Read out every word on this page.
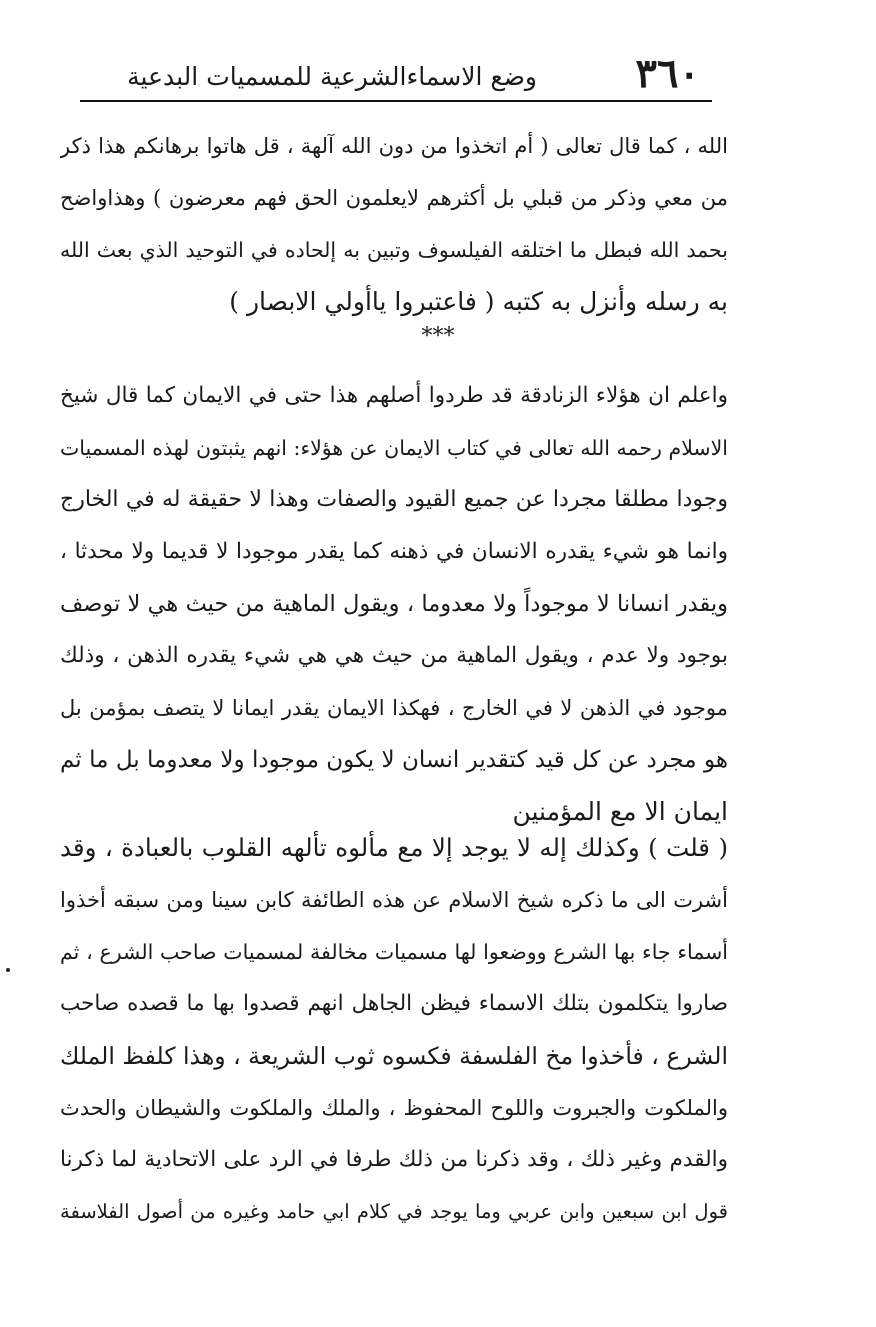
٣٦٠
وضع الاسماءالشرعية للمسميات البدعية
الله ، كما قال تعالى ( أم اتخذوا من دون الله آلهة ، قل هاتوا برهانكم هذا ذكر
من معي وذكر من قبلي بل أكثرهم لايعلمون الحق فهم معرضون ) وهذاواضح
بحمد الله فبطل ما اختلقه الفيلسوف وتبين به إلحاده في التوحيد الذي بعث الله
به رسله وأنزل به كتبه ( فاعتبروا ياأولي الابصار )
***
واعلم ان هؤلاء الزنادقة قد طردوا أصلهم هذا حتى في الايمان كما قال شيخ
الاسلام رحمه الله تعالى في كتاب الايمان عن هؤلاء: انهم يثبتون لهذه المسميات
وجودا مطلقا مجردا عن جميع القيود والصفات وهذا لا حقيقة له في الخارج
وانما هو شيء يقدره الانسان في ذهنه كما يقدر موجودا لا قديما ولا محدثا ،
ويقدر انسانا لا موجوداً ولا معدوما ، ويقول الماهية من حيث هي لا توصف
بوجود ولا عدم ، ويقول الماهية من حيث هي هي شيء يقدره الذهن ، وذلك
موجود في الذهن لا في الخارج ، فهكذا الايمان يقدر ايمانا لا يتصف بمؤمن بل
هو مجرد عن كل قيد كتقدير انسان لا يكون موجودا ولا معدوما بل ما ثم
ايمان الا مع المؤمنين
( قلت ) وكذلك إله لا يوجد إلا مع مألوه تألهه القلوب بالعبادة ، وقد
أشرت الى ما ذكره شيخ الاسلام عن هذه الطائفة كابن سينا ومن سبقه أخذوا
أسماء جاء بها الشرع ووضعوا لها مسميات مخالفة لمسميات صاحب الشرع ، ثم
صاروا يتكلمون بتلك الاسماء فيظن الجاهل انهم قصدوا بها ما قصده صاحب
الشرع ، فأخذوا مخ الفلسفة فكسوه ثوب الشريعة ، وهذا كلفظ الملك
والملكوت والجبروت واللوح المحفوظ ، والملك والملكوت والشيطان والحدث
والقدم وغير ذلك ، وقد ذكرنا من ذلك طرفا في الرد على الاتحادية لما ذكرنا
قول ابن سبعين وابن عربي وما يوجد في كلام ابي حامد وغيره من أصول الفلاسفة
